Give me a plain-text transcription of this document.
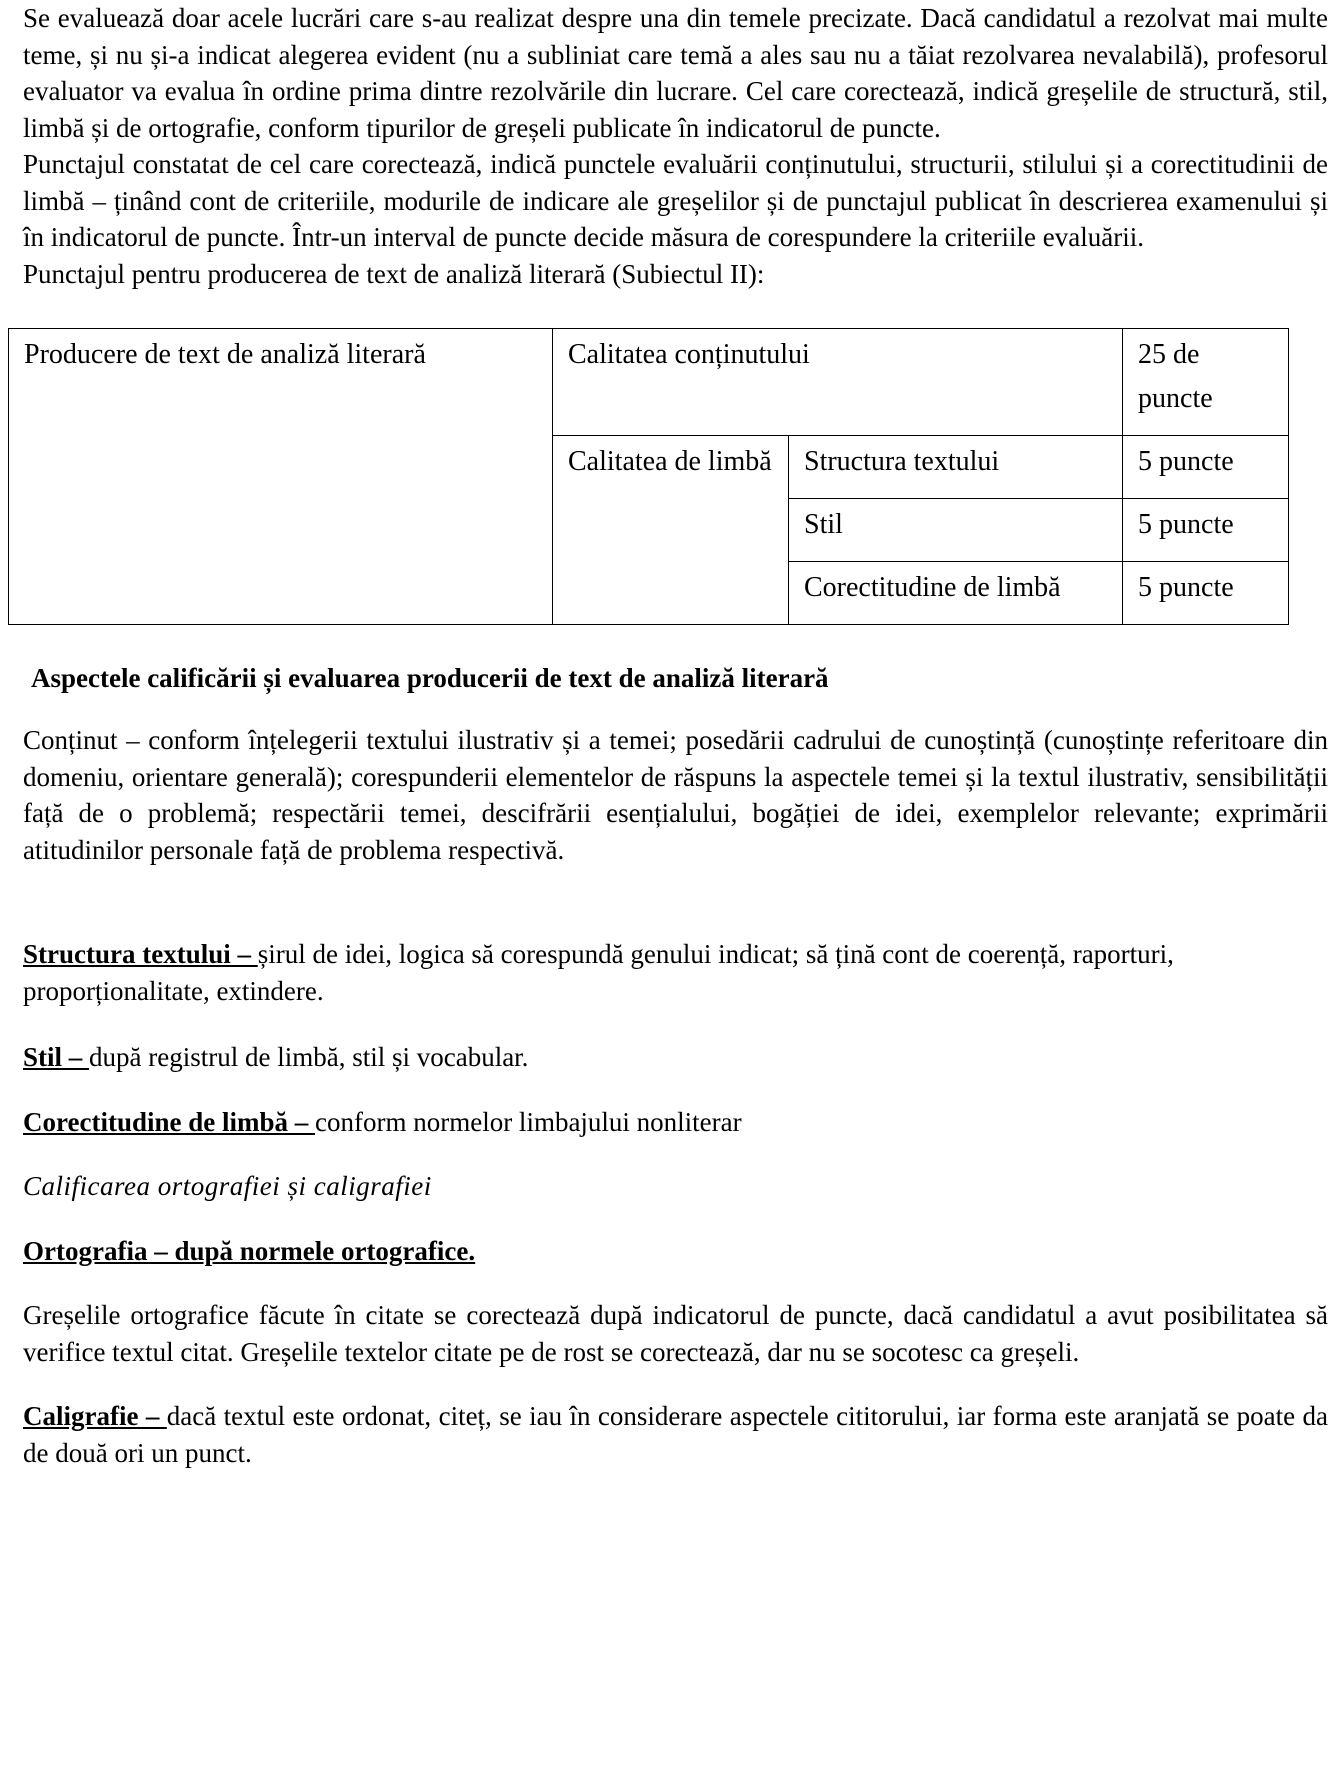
Se evaluează doar acele lucrări care s-au realizat despre una din temele precizate. Dacă candidatul a rezolvat mai multe teme, și nu și-a indicat alegerea evident (nu a subliniat care temă a ales sau nu a tăiat rezolvarea nevalabilă), profesorul evaluator va evalua în ordine prima dintre rezolvările din lucrare. Cel care corectează, indică greșelile de structură, stil, limbă și de ortografie, conform tipurilor de greșeli publicate în indicatorul de puncte.

Punctajul constatat de cel care corectează, indică punctele evaluării conținutului, structurii, stilului și a corectitudinii de limbă – ținând cont de criteriile, modurile de indicare ale greșelilor și de punctajul publicat în descrierea examenului și în indicatorul de puncte. Într-un interval de puncte decide măsura de corespundere la criteriile evaluării.

Punctajul pentru producerea de text de analiză literară (Subiectul II):

Producere de text de analiză literară	Calitatea conținutului		25 de puncte
	Calitatea de limbă	Structura textului	5 puncte
		Stil	5 puncte
		Corectitudine de limbă	5 puncte

Aspectele calificării și evaluarea producerii de text de analiză literară

Conținut – conform înțelegerii textului ilustrativ și a temei; posedării cadrului de cunoștință (cunoștințe referitoare din domeniu, orientare generală); corespunderii elementelor de răspuns la aspectele temei și la textul ilustrativ, sensibilității față de o problemă; respectării temei, descifrării esențialului, bogăției de idei, exemplelor relevante; exprimării atitudinilor personale față de problema respectivă.

Structura textului – șirul de idei, logica să corespundă genului indicat; să țină cont de coerență, raporturi, proporționalitate, extindere.

Stil – după registrul de limbă, stil și vocabular.

Corectitudine de limbă – conform normelor limbajului nonliterar

Calificarea ortografiei și caligrafiei

Ortografia – după normele ortografice.

Greșelile ortografice făcute în citate se corectează după indicatorul de puncte, dacă candidatul a avut posibilitatea să verifice textul citat. Greșelile textelor citate pe de rost se corectează, dar nu se socotesc ca greșeli.

Caligrafie – dacă textul este ordonat, citeț, se iau în considerare aspectele cititorului, iar forma este aranjată se poate da de două ori un punct.
